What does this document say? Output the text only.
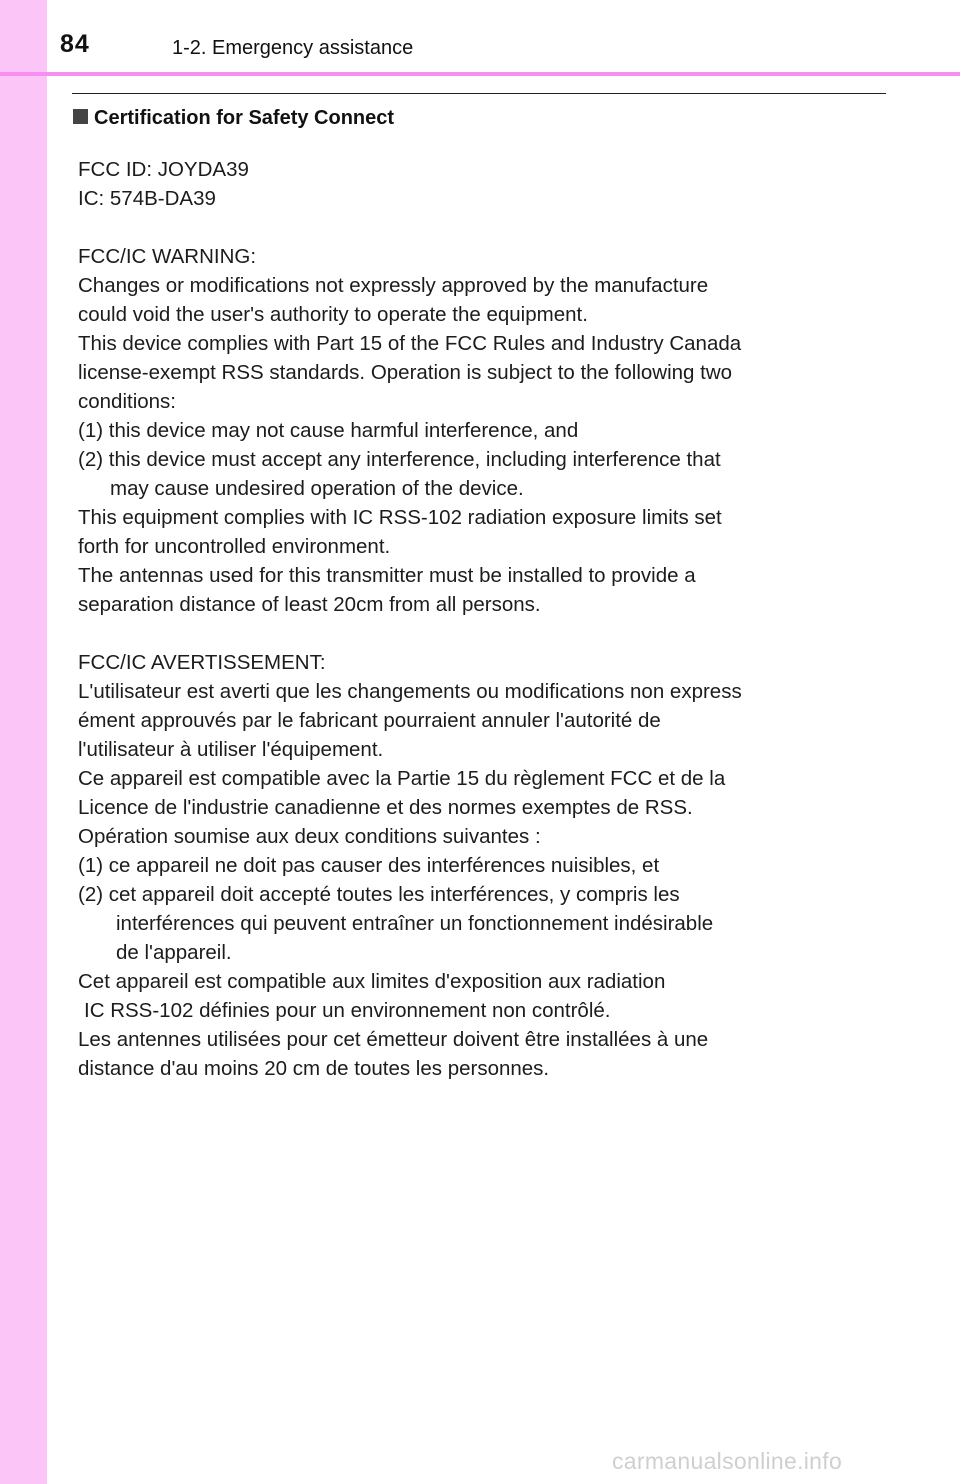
84	1-2. Emergency assistance
Certification for Safety Connect
FCC ID: JOYDA39
IC: 574B-DA39
FCC/IC WARNING:
Changes or modifications not expressly approved by the manufacture
could void the user's authority to operate the equipment.
This device complies with Part 15 of the FCC Rules and Industry Canada
license-exempt RSS standards. Operation is subject to the following two
conditions:
(1) this device may not cause harmful interference, and
(2) this device must accept any interference, including interference that
may cause undesired operation of the device.
This equipment complies with IC RSS-102 radiation exposure limits set
forth for uncontrolled environment.
The antennas used for this transmitter must be installed to provide a
separation distance of least 20cm from all persons.
FCC/IC AVERTISSEMENT:
L'utilisateur est averti que les changements ou modifications non express
ément approuvés par le fabricant pourraient annuler l'autorité de
l'utilisateur à utiliser l'équipement.
Ce appareil est compatible avec la Partie 15 du règlement FCC et de la
Licence de l'industrie canadienne et des normes exemptes de RSS.
Opération soumise aux deux conditions suivantes :
(1) ce appareil ne doit pas causer des interférences nuisibles, et
(2) cet appareil doit accepté toutes les interférences, y compris les
interférences qui peuvent entraîner un fonctionnement indésirable
de l'appareil.
Cet appareil est compatible aux limites d'exposition aux radiation
IC RSS-102 définies pour un environnement non contrôlé.
Les antennes utilisées pour cet émetteur doivent être installées à une
distance d'au moins 20 cm de toutes les personnes.
carmanualsonline.info
